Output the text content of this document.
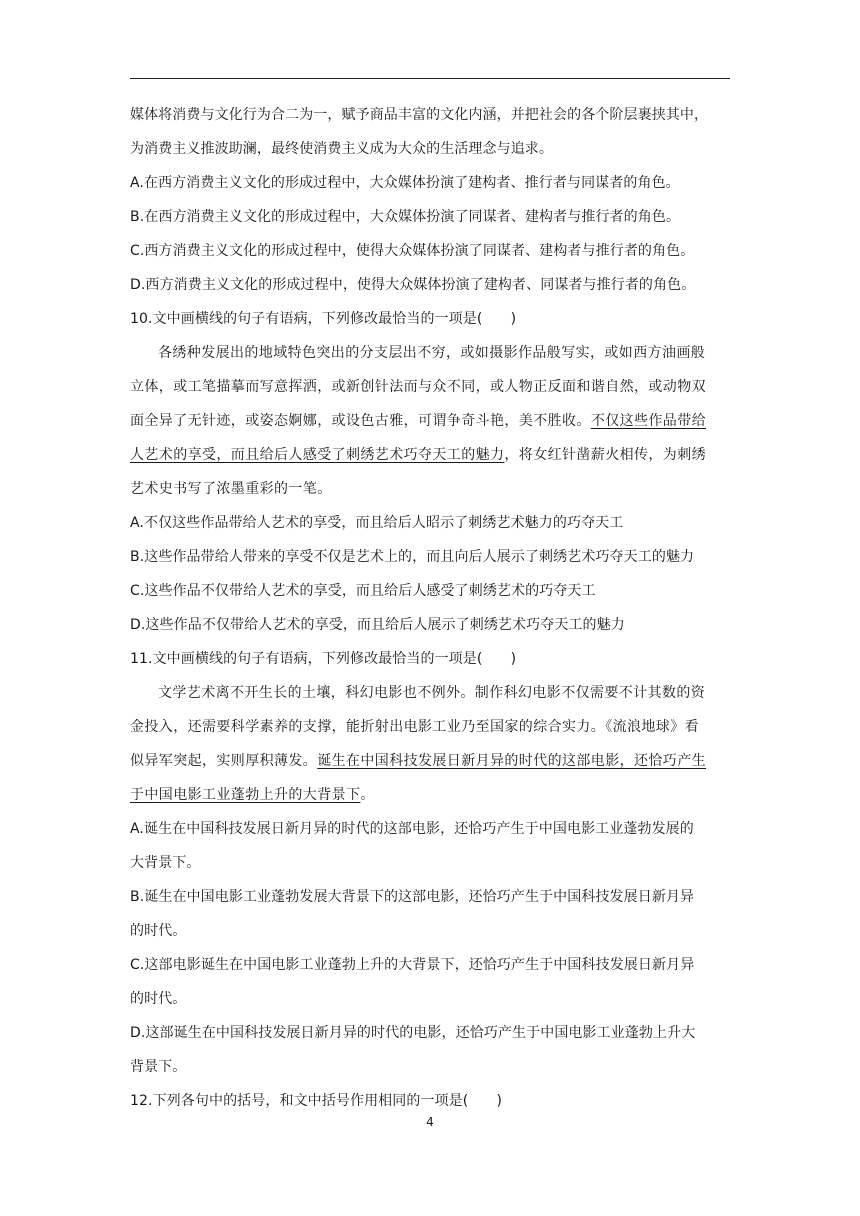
媒体将消费与文化行为合二为一，赋予商品丰富的文化内涵，并把社会的各个阶层裹挟其中，
为消费主义推波助澜，最终使消费主义成为大众的生活理念与追求。
A.在西方消费主义文化的形成过程中，大众媒体扮演了建构者、推行者与同谋者的角色。
B.在西方消费主义文化的形成过程中，大众媒体扮演了同谋者、建构者与推行者的角色。
C.西方消费主义文化的形成过程中，使得大众媒体扮演了同谋者、建构者与推行者的角色。
D.西方消费主义文化的形成过程中，使得大众媒体扮演了建构者、同谋者与推行者的角色。
10.文中画横线的句子有语病，下列修改最恰当的一项是(　　)
各绣种发展出的地域特色突出的分支层出不穷，或如摄影作品般写实，或如西方油画般
立体，或工笔描摹而写意挥洒，或新创针法而与众不同，或人物正反面和谐自然，或动物双
面全异了无针迹，或姿态婀娜，或设色古雅，可谓争奇斗艳，美不胜收。不仅这些作品带给
人艺术的享受，而且给后人感受了刺绣艺术巧夺天工的魅力，将女红针凿薪火相传，为刺绣
艺术史书写了浓墨重彩的一笔。
A.不仅这些作品带给人艺术的享受，而且给后人昭示了刺绣艺术魅力的巧夺天工
B.这些作品带给人带来的享受不仅是艺术上的，而且向后人展示了刺绣艺术巧夺天工的魅力
C.这些作品不仅带给人艺术的享受，而且给后人感受了刺绣艺术的巧夺天工
D.这些作品不仅带给人艺术的享受，而且给后人展示了刺绣艺术巧夺天工的魅力
11.文中画横线的句子有语病，下列修改最恰当的一项是(　　)
文学艺术离不开生长的土壤，科幻电影也不例外。制作科幻电影不仅需要不计其数的资
金投入，还需要科学素养的支撑，能折射出电影工业乃至国家的综合实力。《流浪地球》看
似异军突起，实则厚积薄发。诞生在中国科技发展日新月异的时代的这部电影，还恰巧产生
于中国电影工业蓬勃上升的大背景下。
A.诞生在中国科技发展日新月异的时代的这部电影，还恰巧产生于中国电影工业蓬勃发展的
大背景下。
B.诞生在中国电影工业蓬勃发展大背景下的这部电影，还恰巧产生于中国科技发展日新月异
的时代。
C.这部电影诞生在中国电影工业蓬勃上升的大背景下，还恰巧产生于中国科技发展日新月异
的时代。
D.这部诞生在中国科技发展日新月异的时代的电影，还恰巧产生于中国电影工业蓬勃上升大
背景下。
12.下列各句中的括号，和文中括号作用相同的一项是(　　)
4
